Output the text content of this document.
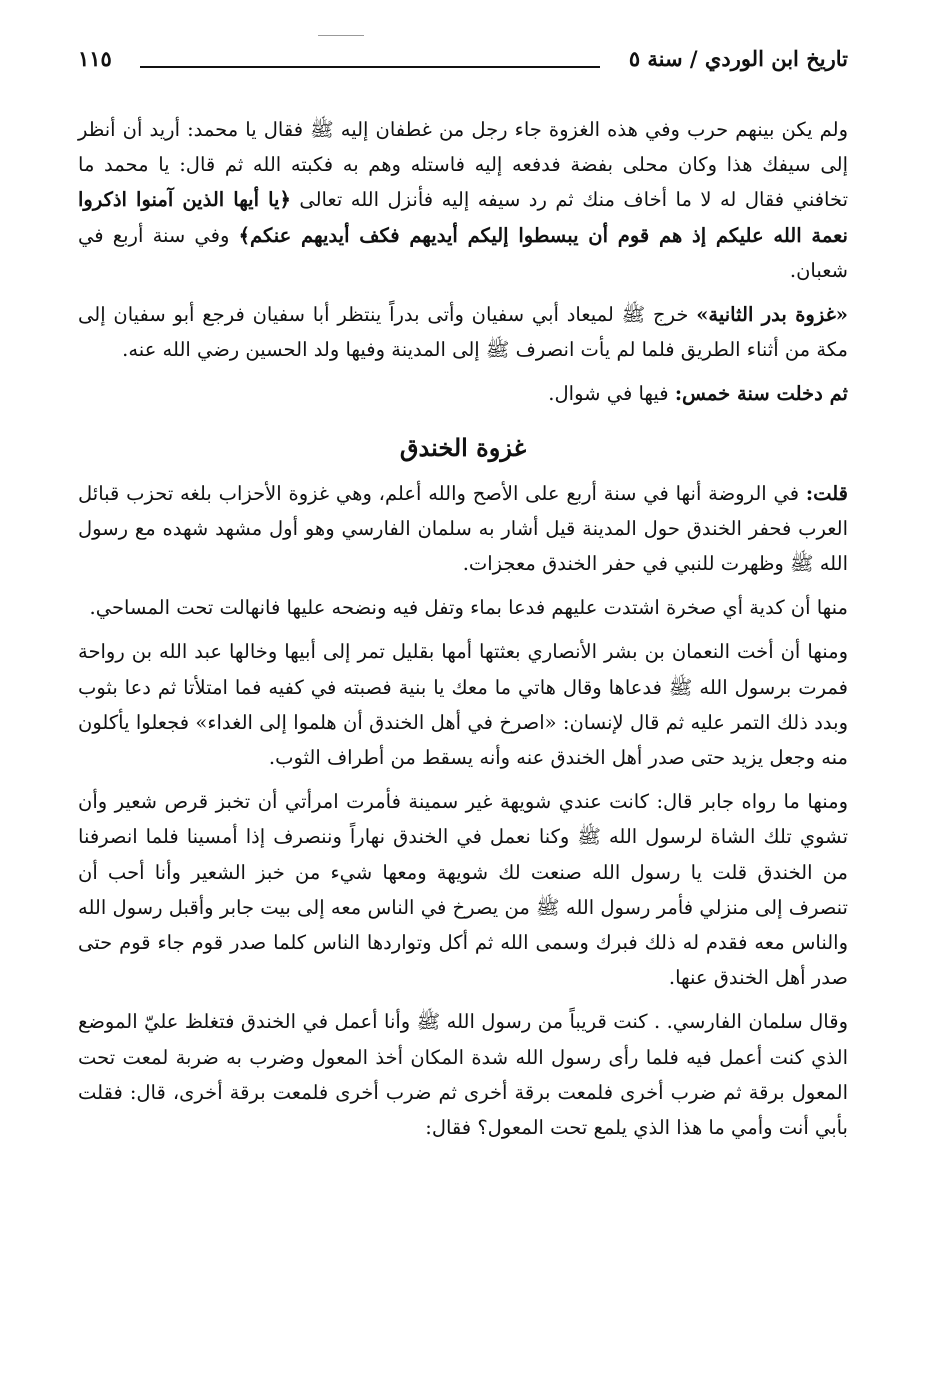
تاريخ ابن الوردي / سنة ٥
١١٥

ولم يكن بينهم حرب وفي هذه الغزوة جاء رجل من غطفان إليه ﷺ فقال يا محمد: أريد أن أنظر إلى سيفك هذا وكان محلى بفضة فدفعه إليه فاستله وهم به فكبته الله ثم قال: يا محمد ما تخافني فقال له لا ما أخاف منك ثم رد سيفه إليه فأنزل الله تعالى ﴿يا أيها الذين آمنوا اذكروا نعمة الله عليكم إذ هم قوم أن يبسطوا إليكم أيديهم فكف أيديهم عنكم﴾ وفي سنة أربع في شعبان.

«غزوة بدر الثانية» خرج ﷺ لميعاد أبي سفيان وأتى بدراً ينتظر أبا سفيان فرجع أبو سفيان إلى مكة من أثناء الطريق فلما لم يأت انصرف ﷺ إلى المدينة وفيها ولد الحسين رضي الله عنه.

ثم دخلت سنة خمس: فيها في شوال.

غزوة الخندق

قلت: في الروضة أنها في سنة أربع على الأصح والله أعلم، وهي غزوة الأحزاب بلغه تحزب قبائل العرب فحفر الخندق حول المدينة قيل أشار به سلمان الفارسي وهو أول مشهد شهده مع رسول الله ﷺ وظهرت للنبي في حفر الخندق معجزات.

منها أن كدية أي صخرة اشتدت عليهم فدعا بماء وتفل فيه ونضحه عليها فانهالت تحت المساحي.

ومنها أن أخت النعمان بن بشر الأنصاري بعثتها أمها بقليل تمر إلى أبيها وخالها عبد الله بن رواحة فمرت برسول الله ﷺ فدعاها وقال هاتي ما معك يا بنية فصبته في كفيه فما امتلأتا ثم دعا بثوب وبدد ذلك التمر عليه ثم قال لإنسان: «اصرخ في أهل الخندق أن هلموا إلى الغداء» فجعلوا يأكلون منه وجعل يزيد حتى صدر أهل الخندق عنه وأنه يسقط من أطراف الثوب.

ومنها ما رواه جابر قال: كانت عندي شويهة غير سمينة فأمرت امرأتي أن تخبز قرص شعير وأن تشوي تلك الشاة لرسول الله ﷺ وكنا نعمل في الخندق نهاراً وننصرف إذا أمسينا فلما انصرفنا من الخندق قلت يا رسول الله صنعت لك شويهة ومعها شيء من خبز الشعير وأنا أحب أن تنصرف إلى منزلي فأمر رسول الله ﷺ من يصرخ في الناس معه إلى بيت جابر وأقبل رسول الله والناس معه فقدم له ذلك فبرك وسمى الله ثم أكل وتواردها الناس كلما صدر قوم جاء قوم حتى صدر أهل الخندق عنها.

وقال سلمان الفارسي. . كنت قريباً من رسول الله ﷺ وأنا أعمل في الخندق فتغلظ عليّ الموضع الذي كنت أعمل فيه فلما رأى رسول الله شدة المكان أخذ المعول وضرب به ضربة لمعت تحت المعول برقة ثم ضرب أخرى فلمعت برقة أخرى ثم ضرب أخرى فلمعت برقة أخرى، قال: فقلت بأبي أنت وأمي ما هذا الذي يلمع تحت المعول؟ فقال:
